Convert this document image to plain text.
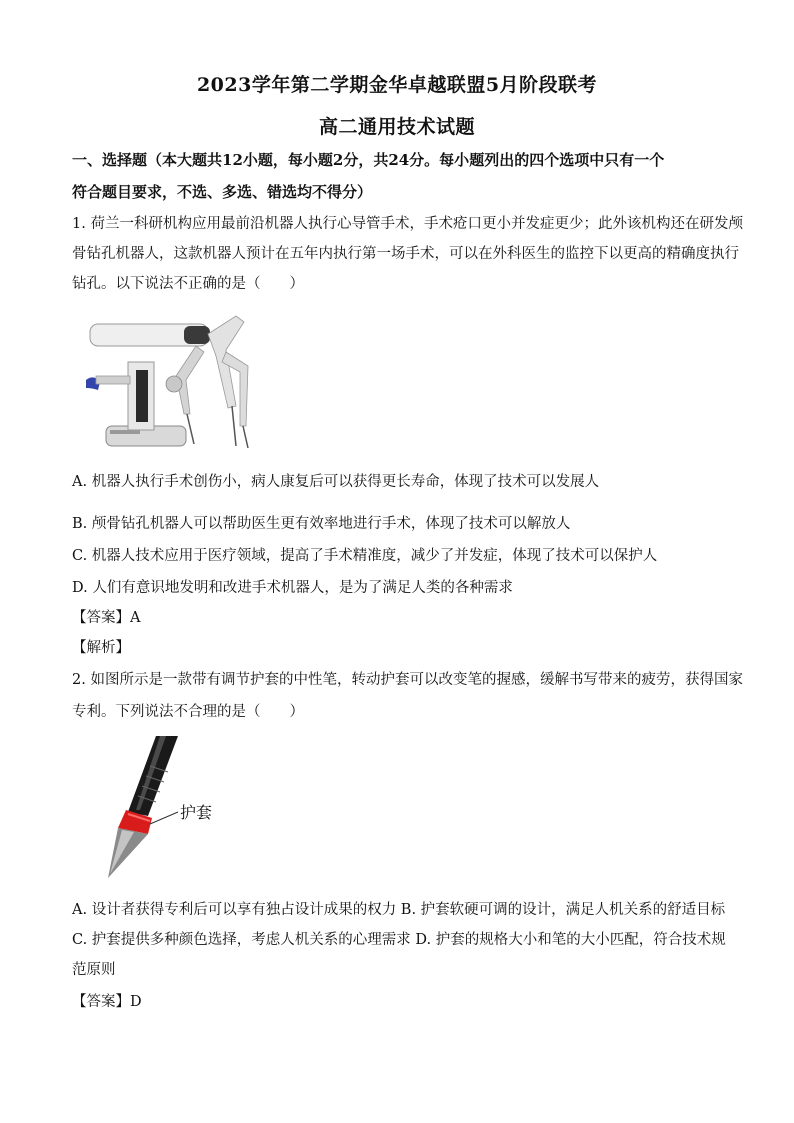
2023学年第二学期金华卓越联盟5月阶段联考
高二通用技术试题
一、选择题（本大题共12小题，每小题2分，共24分。每小题列出的四个选项中只有一个
符合题目要求，不选、多选、错选均不得分）
1. 荷兰一科研机构应用最前沿机器人执行心导管手术，手术疮口更小并发症更少；此外该机构还在研发颅
骨钻孔机器人，这款机器人预计在五年内执行第一场手术，可以在外科医生的监控下以更高的精确度执行
钻孔。以下说法不正确的是（　　）
A. 机器人执行手术创伤小，病人康复后可以获得更长寿命，体现了技术可以发展人
B. 颅骨钻孔机器人可以帮助医生更有效率地进行手术，体现了技术可以解放人
C. 机器人技术应用于医疗领域，提高了手术精准度，减少了并发症，体现了技术可以保护人
D. 人们有意识地发明和改进手术机器人，是为了满足人类的各种需求
【答案】A
【解析】
2. 如图所示是一款带有调节护套的中性笔，转动护套可以改变笔的握感，缓解书写带来的疲劳，获得国家
专利。下列说法不合理的是（　　）
护套
A. 设计者获得专利后可以享有独占设计成果的权力 B. 护套软硬可调的设计，满足人机关系的舒适目标
C. 护套提供多种颜色选择，考虑人机关系的心理需求 D. 护套的规格大小和笔的大小匹配，符合技术规
范原则
【答案】D
